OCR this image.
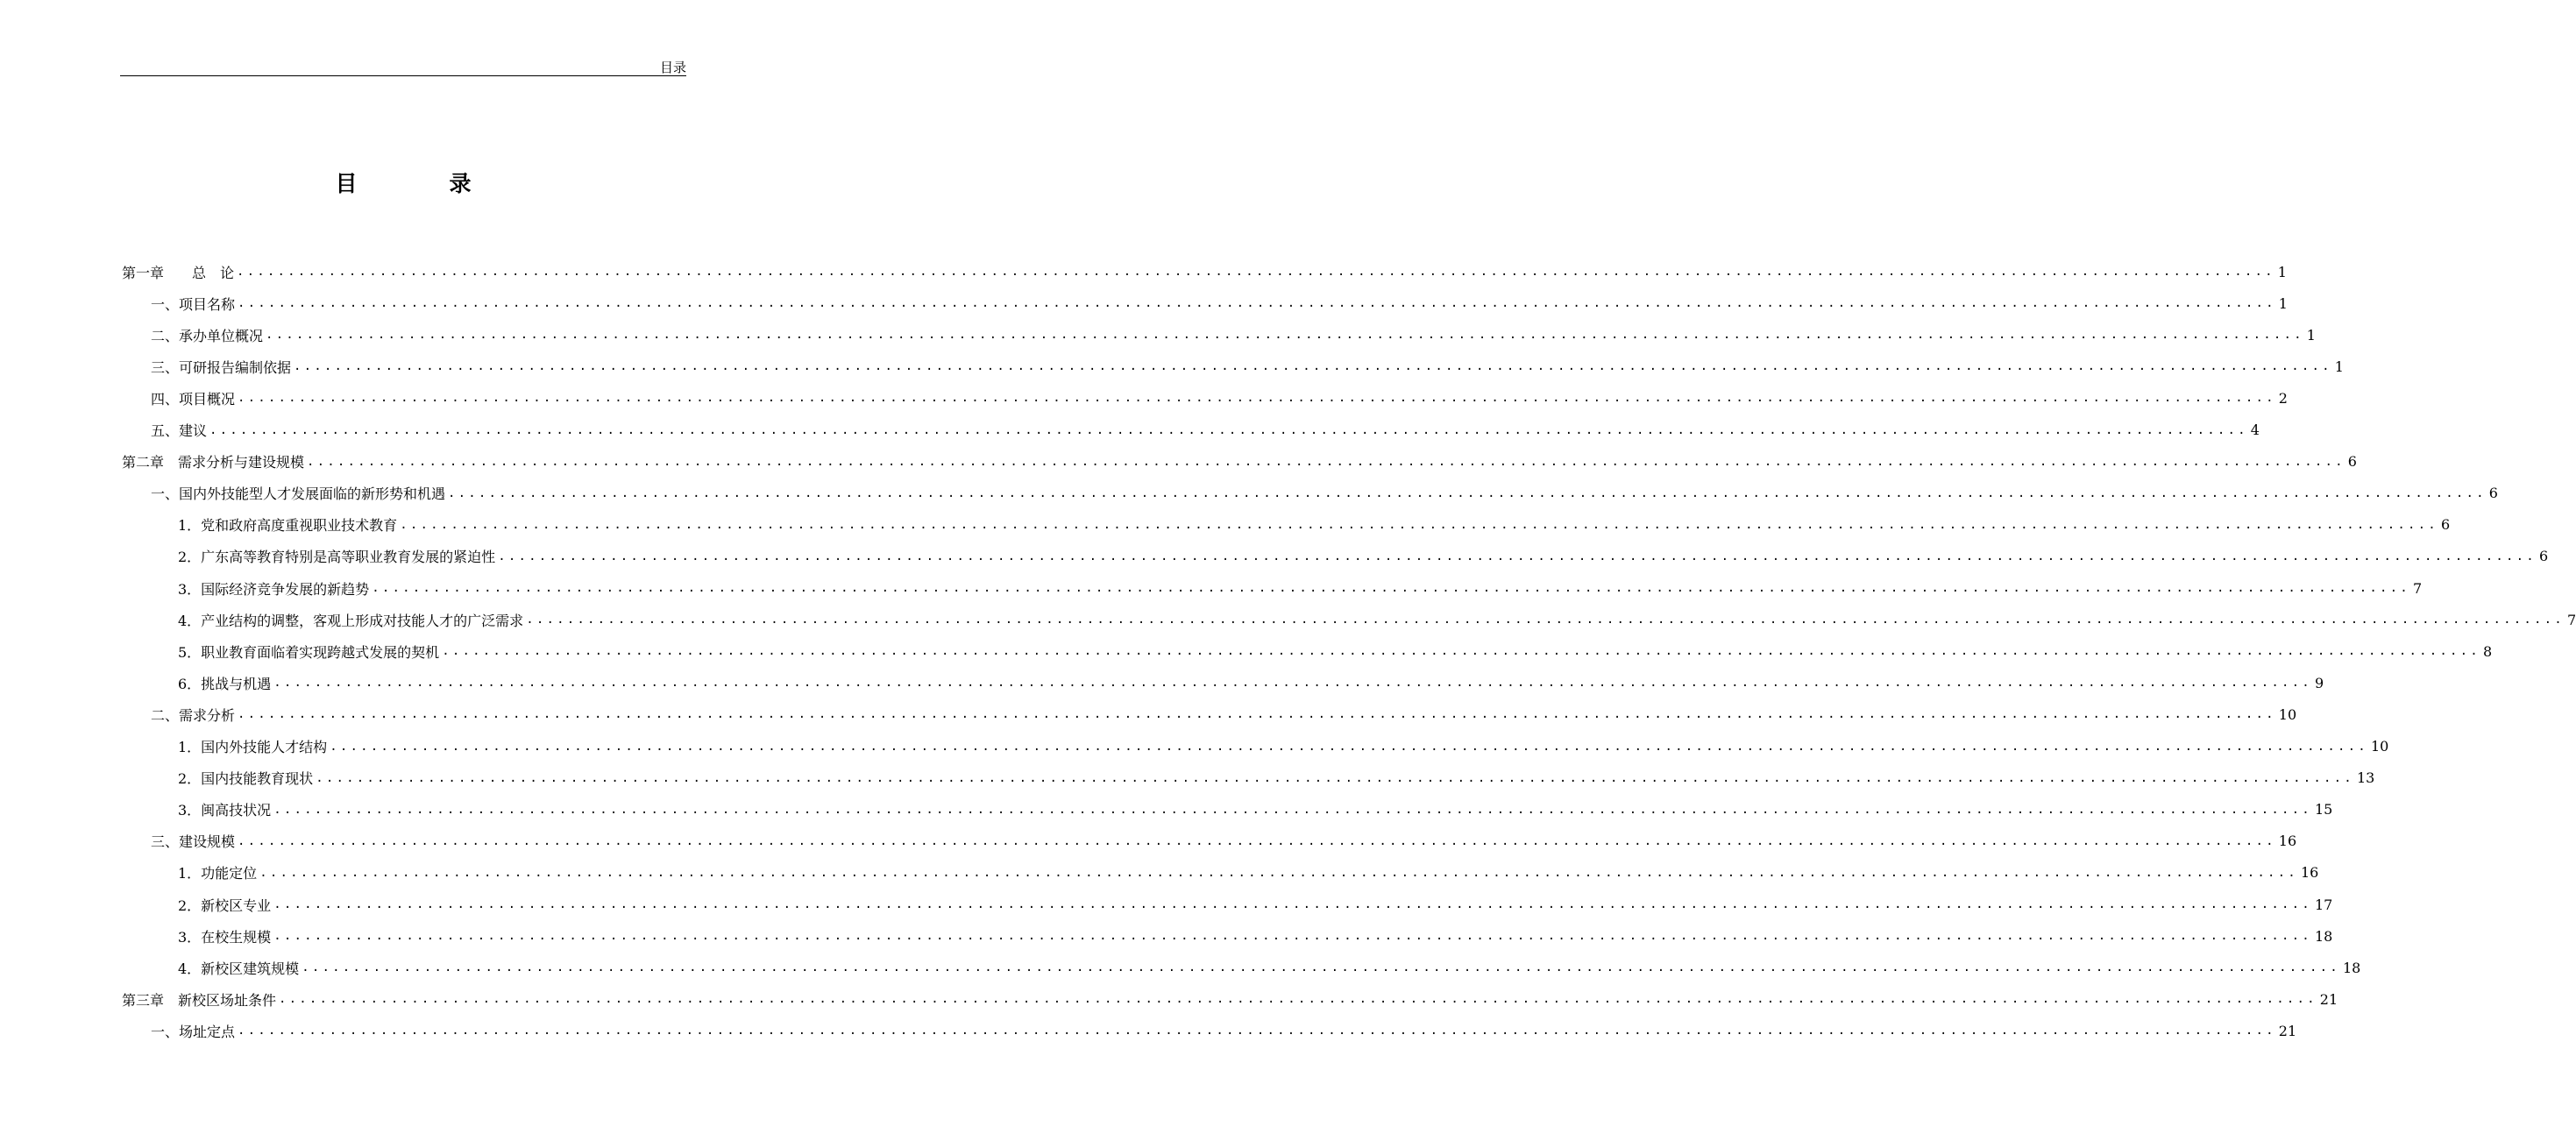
目录
目　录
第一章　　总　论 ........................................................................................................................................................................................................ 1
一、项目名称 ........................................................................................................................................................................................................ 1
二、承办单位概况 ........................................................................................................................................................................................................ 1
三、可研报告编制依据 ........................................................................................................................................................................................................ 1
四、项目概况 ........................................................................................................................................................................................................ 2
五、建议 ........................................................................................................................................................................................................ 4
第二章　需求分析与建设规模 ........................................................................................................................................................................................................ 6
一、国内外技能型人才发展面临的新形势和机遇 ........................................................................................................................................................................................................ 6
1．党和政府高度重视职业技术教育 ........................................................................................................................................................................................................ 6
2．广东高等教育特别是高等职业教育发展的紧迫性 ........................................................................................................................................................................................................ 6
3．国际经济竞争发展的新趋势 ........................................................................................................................................................................................................ 7
4．产业结构的调整，客观上形成对技能人才的广泛需求 ........................................................................................................................................................................................................ 7
5．职业教育面临着实现跨越式发展的契机 ........................................................................................................................................................................................................ 8
6．挑战与机遇 ........................................................................................................................................................................................................ 9
二、需求分析 ........................................................................................................................................................................................................ 10
1．国内外技能人才结构 ........................................................................................................................................................................................................ 10
2．国内技能教育现状 ........................................................................................................................................................................................................ 13
3．闽高技状况 ........................................................................................................................................................................................................ 15
三、建设规模 ........................................................................................................................................................................................................ 16
1．功能定位 ........................................................................................................................................................................................................ 16
2．新校区专业 ........................................................................................................................................................................................................ 17
3．在校生规模 ........................................................................................................................................................................................................ 18
4．新校区建筑规模 ........................................................................................................................................................................................................ 18
第三章　新校区场址条件 ........................................................................................................................................................................................................ 21
一、场址定点 ........................................................................................................................................................................................................ 21
